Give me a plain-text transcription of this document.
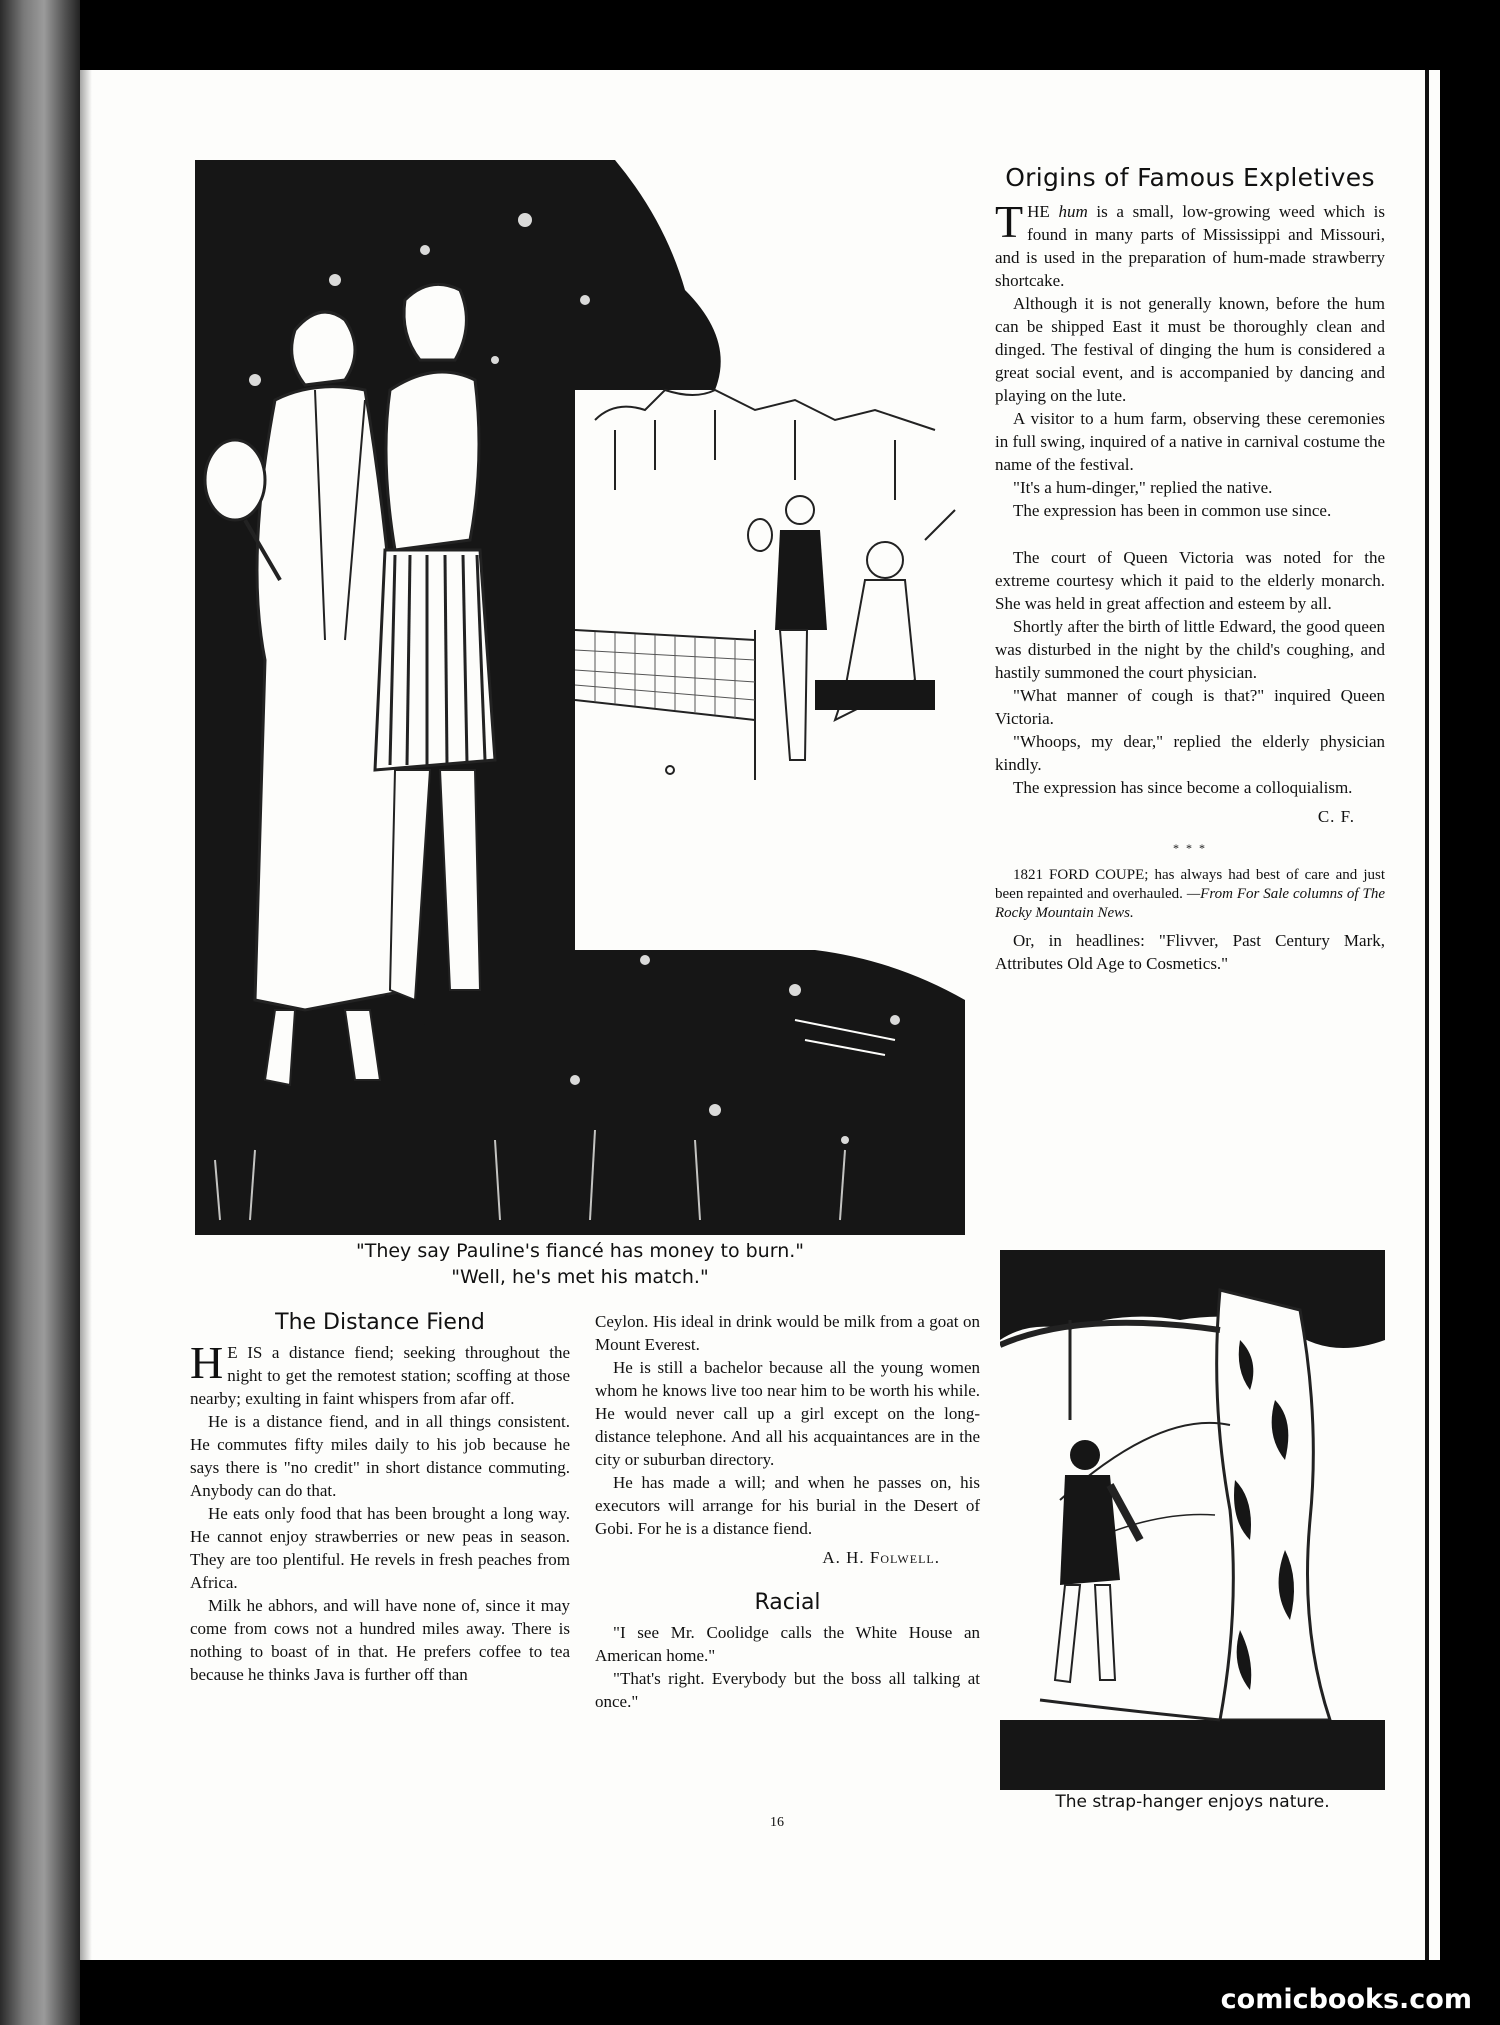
"They say Pauline's fiancé has money to burn."
"Well, he's met his match."
Origins of Famous Expletives

THE hum is a small, low-growing weed which is found in many parts of Mississippi and Missouri, and is used in the preparation of hum-made strawberry shortcake.

Although it is not generally known, before the hum can be shipped East it must be thoroughly clean and dinged. The festival of dinging the hum is considered a great social event, and is accompanied by dancing and playing on the lute.

A visitor to a hum farm, observing these ceremonies in full swing, inquired of a native in carnival costume the name of the festival.

"It's a hum-dinger," replied the native.

The expression has been in common use since.

The court of Queen Victoria was noted for the extreme courtesy which it paid to the elderly monarch. She was held in great affection and esteem by all.

Shortly after the birth of little Edward, the good queen was disturbed in the night by the child's coughing, and hastily summoned the court physician.

"What manner of cough is that?" inquired Queen Victoria.

"Whoops, my dear," replied the elderly physician kindly.

The expression has since become a colloquialism.

C. F.
* * *

1821 FORD COUPE; has always had best of care and just been repainted and overhauled. —From For Sale columns of The Rocky Mountain News.

Or, in headlines: "Flivver, Past Century Mark, Attributes Old Age to Cosmetics."

The strap-hanger enjoys nature.
The Distance Fiend

H E IS a distance fiend; seeking throughout the night to get the remotest station; scoffing at those nearby; exulting in faint whispers from afar off.

He is a distance fiend, and in all things consistent. He commutes fifty miles daily to his job because he says there is "no credit" in short distance commuting. Anybody can do that.

He eats only food that has been brought a long way. He cannot enjoy strawberries or new peas in season. They are too plentiful. He revels in fresh peaches from Africa.

Milk he abhors, and will have none of, since it may come from cows not a hundred miles away. There is nothing to boast of in that. He prefers coffee to tea because he thinks Java is further off than

Ceylon. His ideal in drink would be milk from a goat on Mount Everest.

He is still a bachelor because all the young women whom he knows live too near him to be worth his while. He would never call up a girl except on the long-distance telephone. And all his acquaintances are in the city or suburban directory.

He has made a will; and when he passes on, his executors will arrange for his burial in the Desert of Gobi. For he is a distance fiend.

A. H. Folwell.
Racial

"I see Mr. Coolidge calls the White House an American home."

"That's right. Everybody but the boss all talking at once."

16
comicbooks.com
